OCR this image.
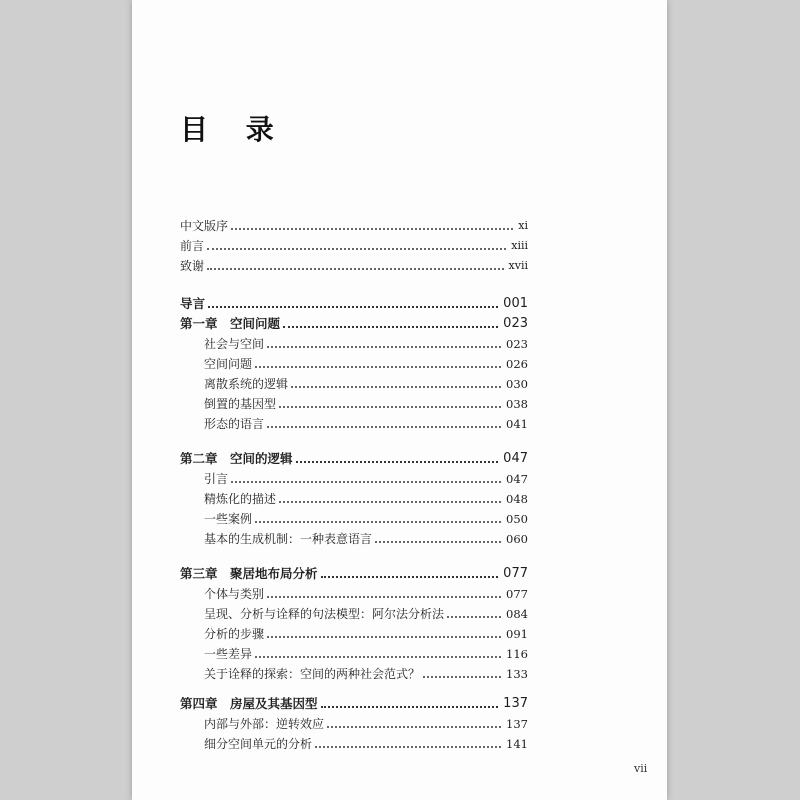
目 录
中文版序	xi
前言	xiii
致谢	xvii
导言	001
第一章　空间问题	023
社会与空间	023
空间问题	026
离散系统的逻辑	030
倒置的基因型	038
形态的语言	041
第二章　空间的逻辑	047
引言	047
精炼化的描述	048
一些案例	050
基本的生成机制：一种表意语言	060
第三章　聚居地布局分析	077
个体与类别	077
呈现、分析与诠释的句法模型：阿尔法分析法	084
分析的步骤	091
一些差异	116
关于诠释的探索：空间的两种社会范式？	133
第四章　房屋及其基因型	137
内部与外部：逆转效应	137
细分空间单元的分析	141
vii
